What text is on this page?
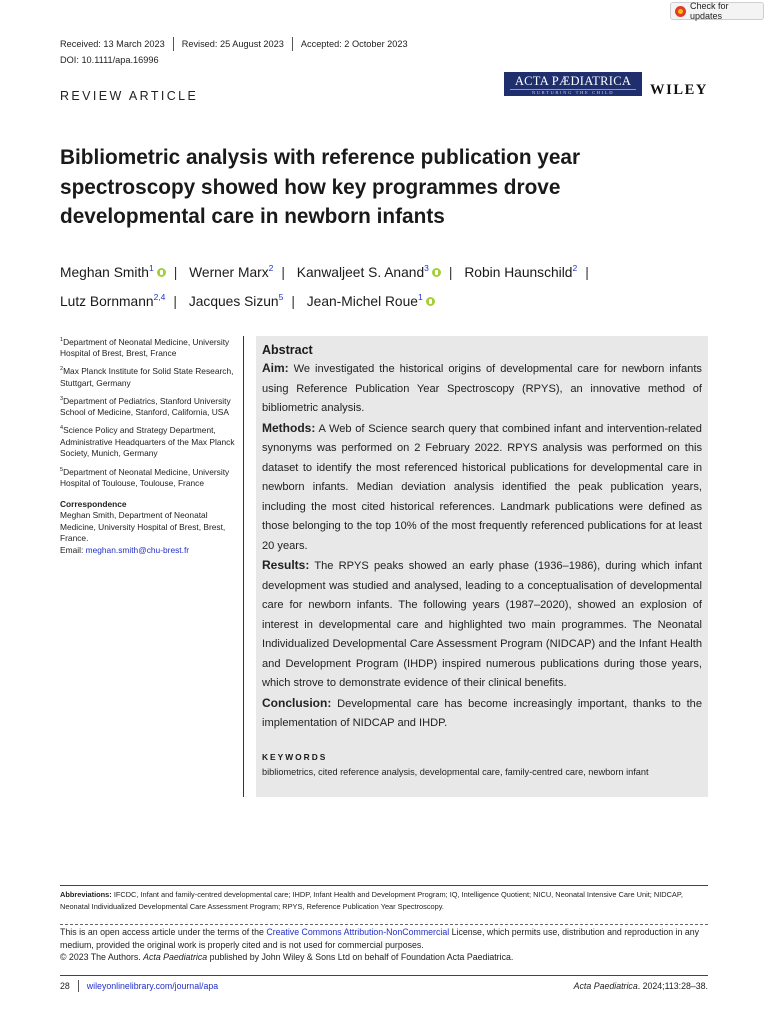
Check for updates
Received: 13 March 2023 Revised: 25 August 2023 Accepted: 2 October 2023
DOI: 10.1111/apa.16996
REVIEW ARTICLE
ACTA PÆDIATRICA
NURTURING THE CHILD	WILEY
Bibliometric analysis with reference publication year spectroscopy showed how key programmes drove developmental care in newborn infants
Meghan Smith$^1$ | Werner Marx$^2$ | Kanwaljeet S. Anand$^3$ | Robin Haunschild$^2$ |
Lutz Bornmann$^{2,4}$ | Jacques Sizun$^5$ | Jean-Michel Roue$^1$

$^1$Department of Neonatal Medicine, University Hospital of Brest, Brest, France

$^2$Max Planck Institute for Solid State Research, Stuttgart, Germany

$^3$Department of Pediatrics, Stanford University School of Medicine, Stanford, California, USA

$^4$Science Policy and Strategy Department, Administrative Headquarters of the Max Planck Society, Munich, Germany

$^5$Department of Neonatal Medicine, University Hospital of Toulouse, Toulouse, France

Correspondence
Meghan Smith, Department of Neonatal Medicine, University Hospital of Brest, Brest, France.
Email: meghan.smith@chu-brest.fr

Abstract

Aim: We investigated the historical origins of developmental care for newborn infants using Reference Publication Year Spectroscopy (RPYS), an innovative method of bibliometric analysis.

Methods: A Web of Science search query that combined infant and intervention-related synonyms was performed on 2 February 2022. RPYS analysis was performed on this dataset to identify the most referenced historical publications for developmental care in newborn infants. Median deviation analysis identified the peak publication years, including the most cited historical references. Landmark publications were defined as those belonging to the top 10% of the most frequently referenced publications for at least 20 years.

Results: The RPYS peaks showed an early phase (1936–1986), during which infant development was studied and analysed, leading to a conceptualisation of developmental care for newborn infants. The following years (1987–2020), showed an explosion of interest in developmental care and highlighted two main programmes. The Neonatal Individualized Developmental Care Assessment Program (NIDCAP) and the Infant Health and Development Program (IHDP) inspired numerous publications during those years, which strove to demonstrate evidence of their clinical benefits.

Conclusion: Developmental care has become increasingly important, thanks to the implementation of NIDCAP and IHDP.

KEYWORDS
bibliometrics, cited reference analysis, developmental care, family-centred care, newborn infant
Abbreviations: IFCDC, Infant and family-centred developmental care; IHDP, Infant Health and Development Program; IQ, Intelligence Quotient; NICU, Neonatal Intensive Care Unit; NIDCAP, Neonatal Individualized Developmental Care Assessment Program; RPYS, Reference Publication Year Spectroscopy.
This is an open access article under the terms of the Creative Commons Attribution-NonCommercial License, which permits use, distribution and reproduction in any medium, provided the original work is properly cited and is not used for commercial purposes.
© 2023 The Authors. Acta Paediatrica published by John Wiley & Sons Ltd on behalf of Foundation Acta Paediatrica.
28 wileyonlinelibrary.com/journal/apa	Acta Paediatrica. 2024;113:28–38.
